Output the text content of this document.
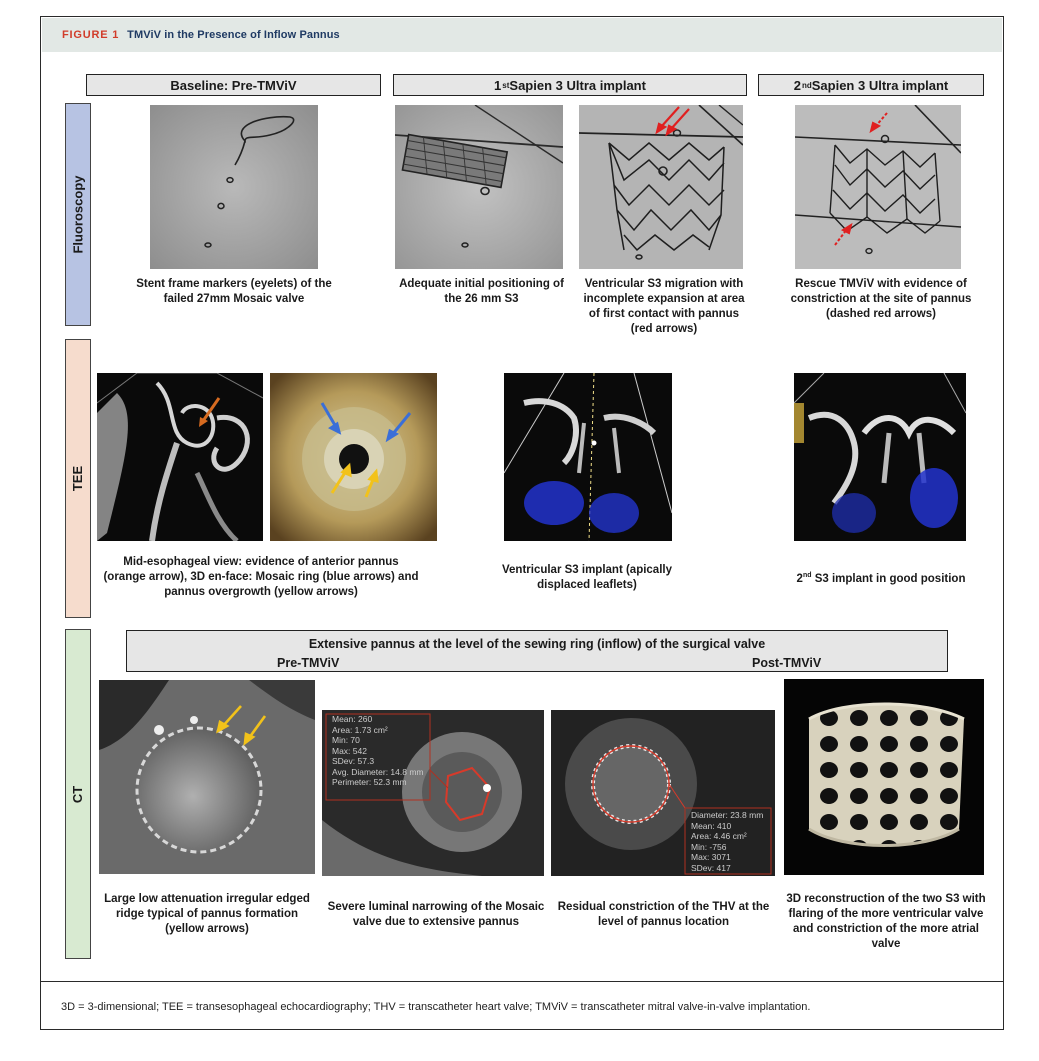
FIGURE 1 TMViV in the Presence of Inflow Pannus
Baseline: Pre-TMViV	1 st Sapien 3 Ultra implant	2 nd Sapien 3 Ultra implant
Fluoroscopy
TEE
CT
Stent frame markers (eyelets) of the failed 27mm Mosaic valve
Adequate initial positioning of the 26 mm S3
Ventricular S3 migration with incomplete expansion at area of first contact with pannus (red arrows)
Rescue TMViV with evidence of constriction at the site of pannus (dashed red arrows)
Mid-esophageal view: evidence of anterior pannus (orange arrow), 3D en-face: Mosaic ring (blue arrows) and pannus overgrowth (yellow arrows)
Ventricular S3 implant (apically displaced leaflets)
2nd S3 implant in good position
Extensive pannus at the level of the sewing ring (inflow) of the surgical valve
Pre-TMViV	Post-TMViV
Mean: 260
Area: 1.73 cm²
Min: 70
Max: 542
SDev: 57.3
Avg. Diameter: 14.8 mm
Perimeter: 52.3 mm
Diameter: 23.8 mm
Mean: 410
Area: 4.46 cm²
Min: -756
Max: 3071
SDev: 417
Large low attenuation irregular edged ridge typical of pannus formation (yellow arrows)
Severe luminal narrowing of the Mosaic valve due to extensive pannus
Residual constriction of the THV at the level of pannus location
3D reconstruction of the two S3 with flaring of the more ventricular valve and constriction of the more atrial valve
3D = 3-dimensional; TEE = transesophageal echocardiography; THV = transcatheter heart valve; TMViV = transcatheter mitral valve-in-valve implantation.
